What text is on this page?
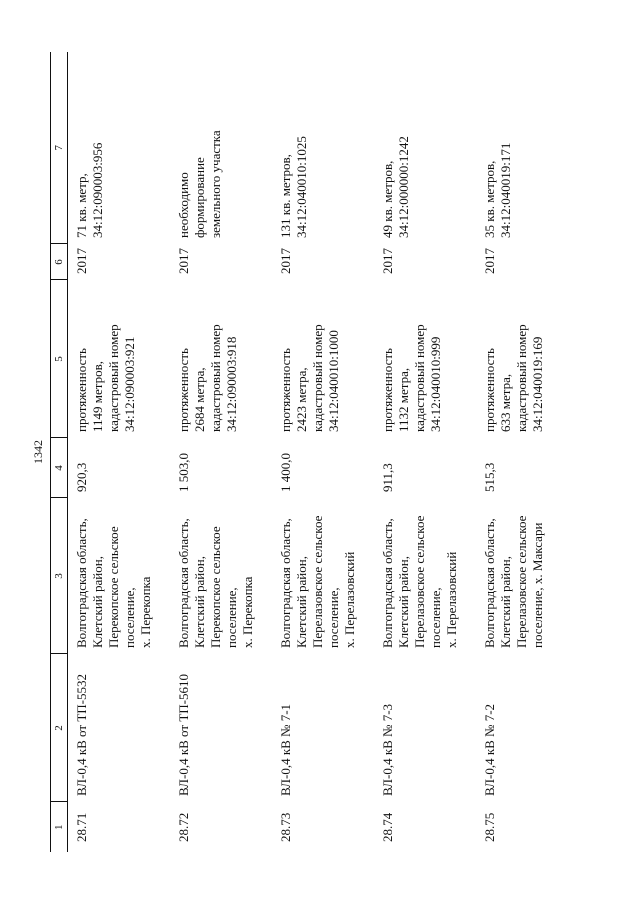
1342
1	2	3	4	5	6	7
28.71	ВЛ-0,4 кВ от ТП-5532	Волгоградская область,
Клетский район,
Перекопское сельское
поселение,
х. Перекопка	920,3	протяженность
1149 метров,
кадастровый номер
34:12:090003:921	2017	71 кв. метр,
34:12:090003:956
28.72	ВЛ-0,4 кВ от ТП-5610	Волгоградская область,
Клетский район,
Перекопское сельское
поселение,
х. Перекопка	1 503,0	протяженность
2684 метра,
кадастровый номер
34:12:090003:918	2017	необходимо
формирование
земельного участка
28.73	ВЛ-0,4 кВ № 7-1	Волгоградская область,
Клетский район,
Перелазовское сельское
поселение,
х. Перелазовский	1 400,0	протяженность
2423 метра,
кадастровый номер
34:12:040010:1000	2017	131 кв. метров,
34:12:040010:1025
28.74	ВЛ-0,4 кВ № 7-3	Волгоградская область,
Клетский район,
Перелазовское сельское
поселение,
х. Перелазовский	911,3	протяженность
1132 метра,
кадастровый номер
34:12:040010:999	2017	49 кв. метров,
34:12:000000:1242
28.75	ВЛ-0,4 кВ № 7-2	Волгоградская область,
Клетский район,
Перелазовское сельское
поселение, х. Максари	515,3	протяженность
633 метра,
кадастровый номер
34:12:040019:169	2017	35 кв. метров,
34:12:040019:171
